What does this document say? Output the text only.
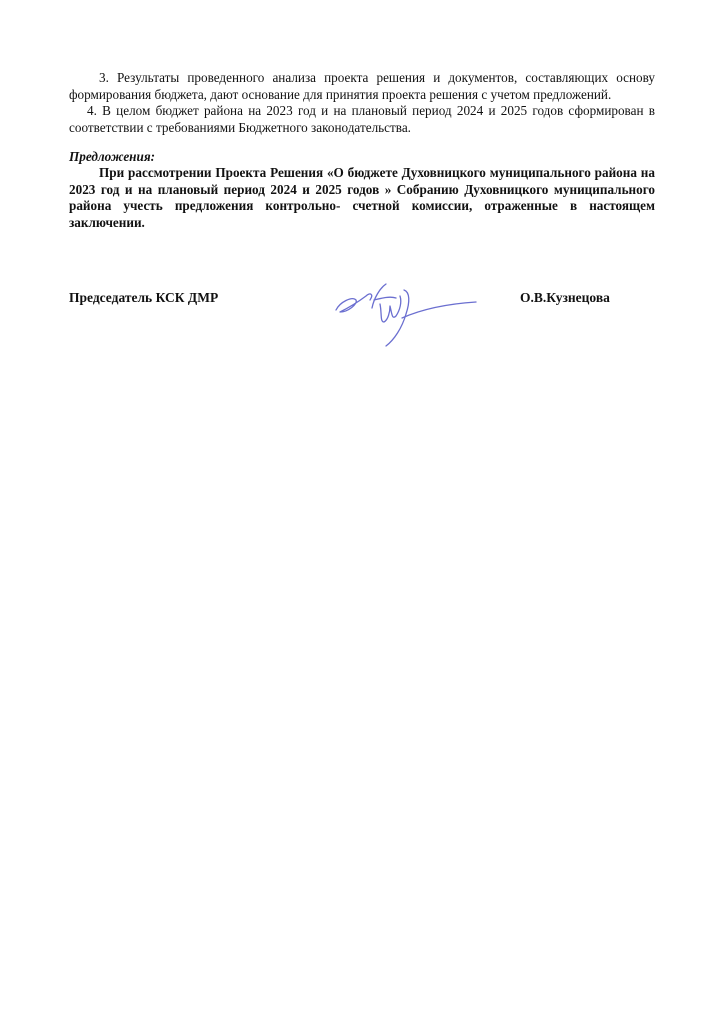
3. Результаты проведенного анализа проекта решения и документов, составляющих основу формирования бюджета, дают основание для принятия проекта решения с учетом предложений.

4. В целом бюджет района на 2023 год и на плановый период 2024 и 2025 годов сформирован в соответствии с требованиями Бюджетного законодательства.

Предложения:

При рассмотрении Проекта Решения «О бюджете Духовницкого муниципального района на 2023 год и на плановый период 2024 и 2025 годов » Собранию Духовницкого муниципального района учесть предложения контрольно- счетной комиссии, отраженные в настоящем заключении.

Председатель КСК ДМР	О.В.Кузнецова
